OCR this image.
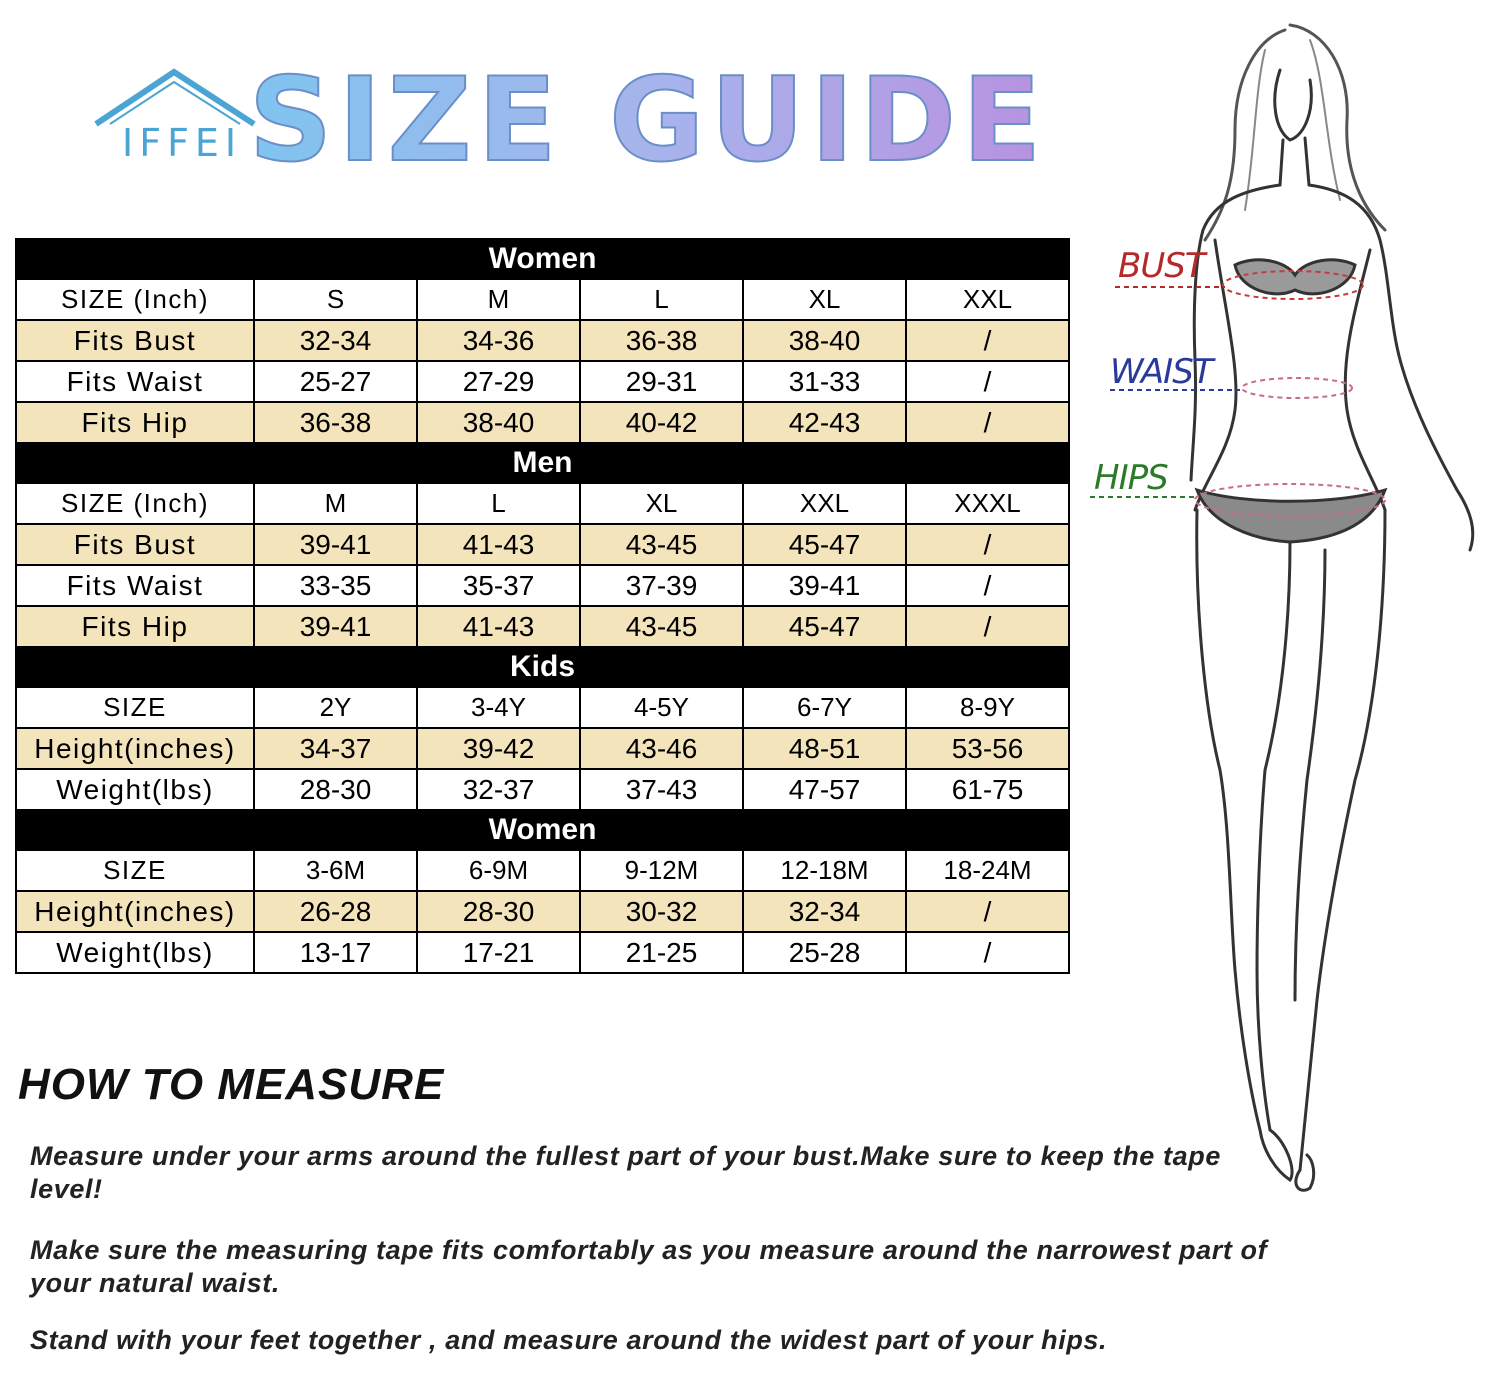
IFFEI SIZE GUIDE
Women					
SIZE (Inch)	S	M	L	XL	XXL
Fits Bust	32-34	34-36	36-38	38-40	/
Fits Waist	25-27	27-29	29-31	31-33	/
Fits Hip	36-38	38-40	40-42	42-43	/
Men					
SIZE (Inch)	M	L	XL	XXL	XXXL
Fits Bust	39-41	41-43	43-45	45-47	/
Fits Waist	33-35	35-37	37-39	39-41	/
Fits Hip	39-41	41-43	43-45	45-47	/
Kids					
SIZE	2Y	3-4Y	4-5Y	6-7Y	8-9Y
Height(inches)	34-37	39-42	43-46	48-51	53-56
Weight(lbs)	28-30	32-37	37-43	47-57	61-75
Women					
SIZE	3-6M	6-9M	9-12M	12-18M	18-24M
Height(inches)	26-28	28-30	30-32	32-34	/
Weight(lbs)	13-17	17-21	21-25	25-28	/
HOW TO MEASURE
Measure under your arms around the fullest part of your bust.Make sure to keep the tape level!
Make sure the measuring tape fits comfortably as you measure around the narrowest part of your natural waist.
Stand with your feet together , and measure around the widest part of your hips.
BUST
WAIST
HIPS
